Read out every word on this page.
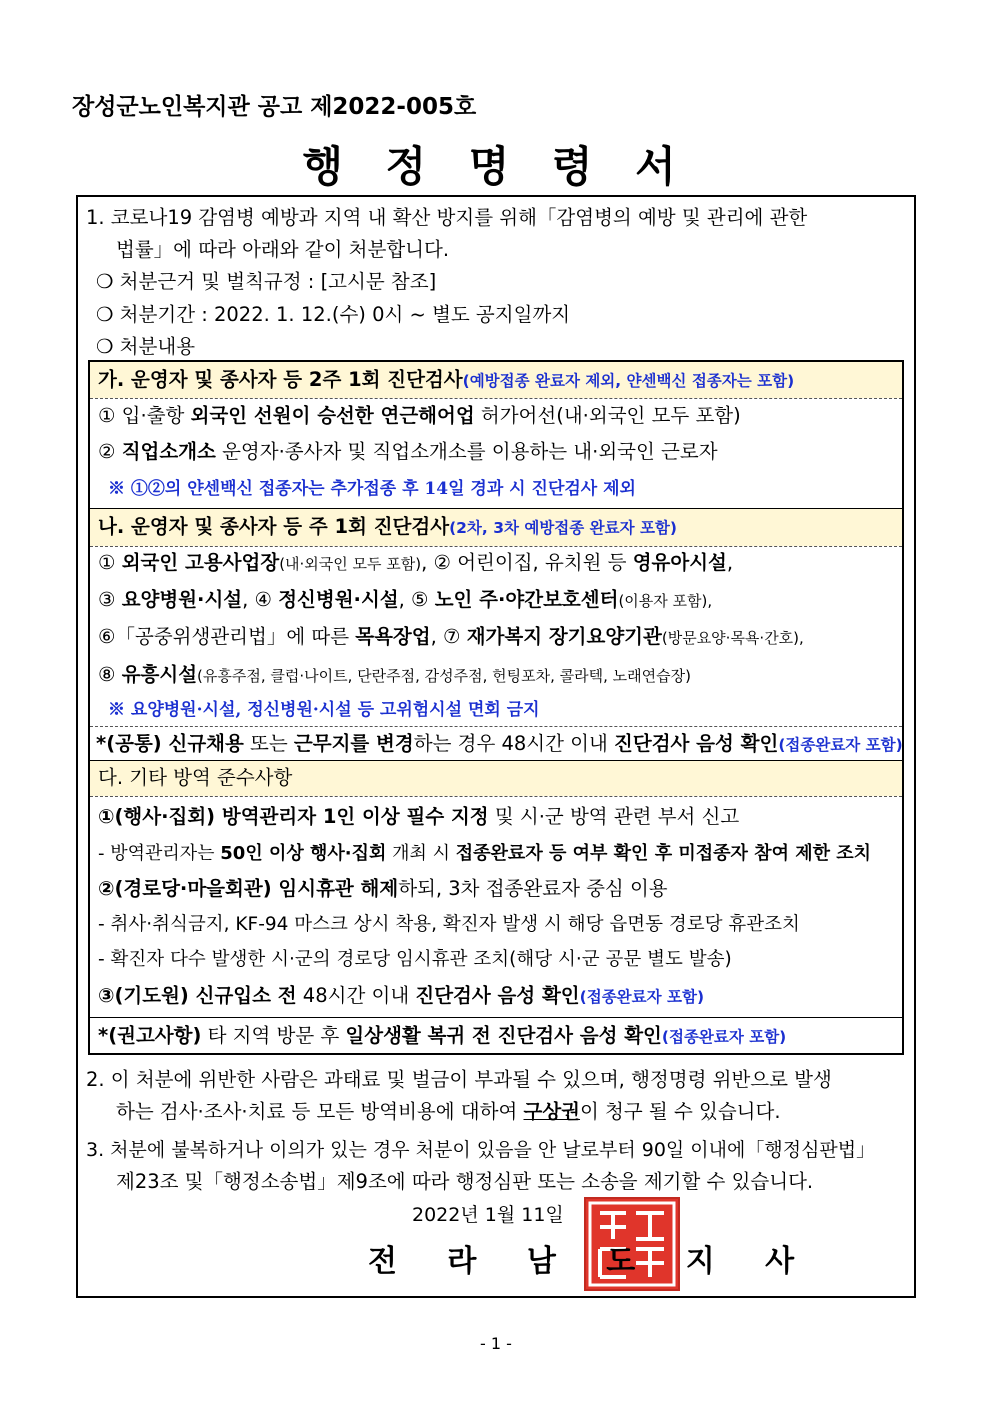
장성군노인복지관 공고 제2022-005호
행 정 명 령 서
1. 코로나19 감염병 예방과 지역 내 확산 방지를 위해「감염병의 예방 및 관리에 관한
법률」에 따라 아래와 같이 처분합니다.
❍ 처분근거 및 벌칙규정 : [고시문 참조]
❍ 처분기간 : 2022. 1. 12.(수) 0시 ~ 별도 공지일까지
❍ 처분내용
가. 운영자 및 종사자 등 2주 1회 진단검사(예방접종 완료자 제외, 얀센백신 접종자는 포함)
① 입·출항 외국인 선원이 승선한 연근해어업 허가어선(내·외국인 모두 포함)
② 직업소개소 운영자·종사자 및 직업소개소를 이용하는 내·외국인 근로자
※ ①②의 얀센백신 접종자는 추가접종 후 14일 경과 시 진단검사 제외
나. 운영자 및 종사자 등 주 1회 진단검사(2차, 3차 예방접종 완료자 포함)
① 외국인 고용사업장(내·외국인 모두 포함), ② 어린이집, 유치원 등 영유아시설,
③ 요양병원·시설, ④ 정신병원·시설, ⑤ 노인 주·야간보호센터(이용자 포함),
⑥「공중위생관리법」에 따른 목욕장업, ⑦ 재가복지 장기요양기관(방문요양·목욕·간호),
⑧ 유흥시설(유흥주점, 클럽·나이트, 단란주점, 감성주점, 헌팅포차, 콜라텍, 노래연습장)
※ 요양병원·시설, 정신병원·시설 등 고위험시설 면회 금지
*(공통) 신규채용 또는 근무지를 변경하는 경우 48시간 이내 진단검사 음성 확인(접종완료자 포함)
다. 기타 방역 준수사항
①(행사·집회) 방역관리자 1인 이상 필수 지정 및 시·군 방역 관련 부서 신고
- 방역관리자는 50인 이상 행사·집회 개최 시 접종완료자 등 여부 확인 후 미접종자 참여 제한 조치
②(경로당·마을회관) 임시휴관 해제하되, 3차 접종완료자 중심 이용
- 취사·취식금지, KF-94 마스크 상시 착용, 확진자 발생 시 해당 읍면동 경로당 휴관조치
- 확진자 다수 발생한 시·군의 경로당 임시휴관 조치(해당 시·군 공문 별도 발송)
③(기도원) 신규입소 전 48시간 이내 진단검사 음성 확인(접종완료자 포함)
*(권고사항) 타 지역 방문 후 일상생활 복귀 전 진단검사 음성 확인(접종완료자 포함)
2. 이 처분에 위반한 사람은 과태료 및 벌금이 부과될 수 있으며, 행정명령 위반으로 발생
하는 검사·조사·치료 등 모든 방역비용에 대하여 구상권이 청구 될 수 있습니다.
3. 처분에 불복하거나 이의가 있는 경우 처분이 있음을 안 날로부터 90일 이내에「행정심판법」
제23조 및「행정소송법」제9조에 따라 행정심판 또는 소송을 제기할 수 있습니다.
2022년 1월 11일
전 라 남 도 지 사
- 1 -
